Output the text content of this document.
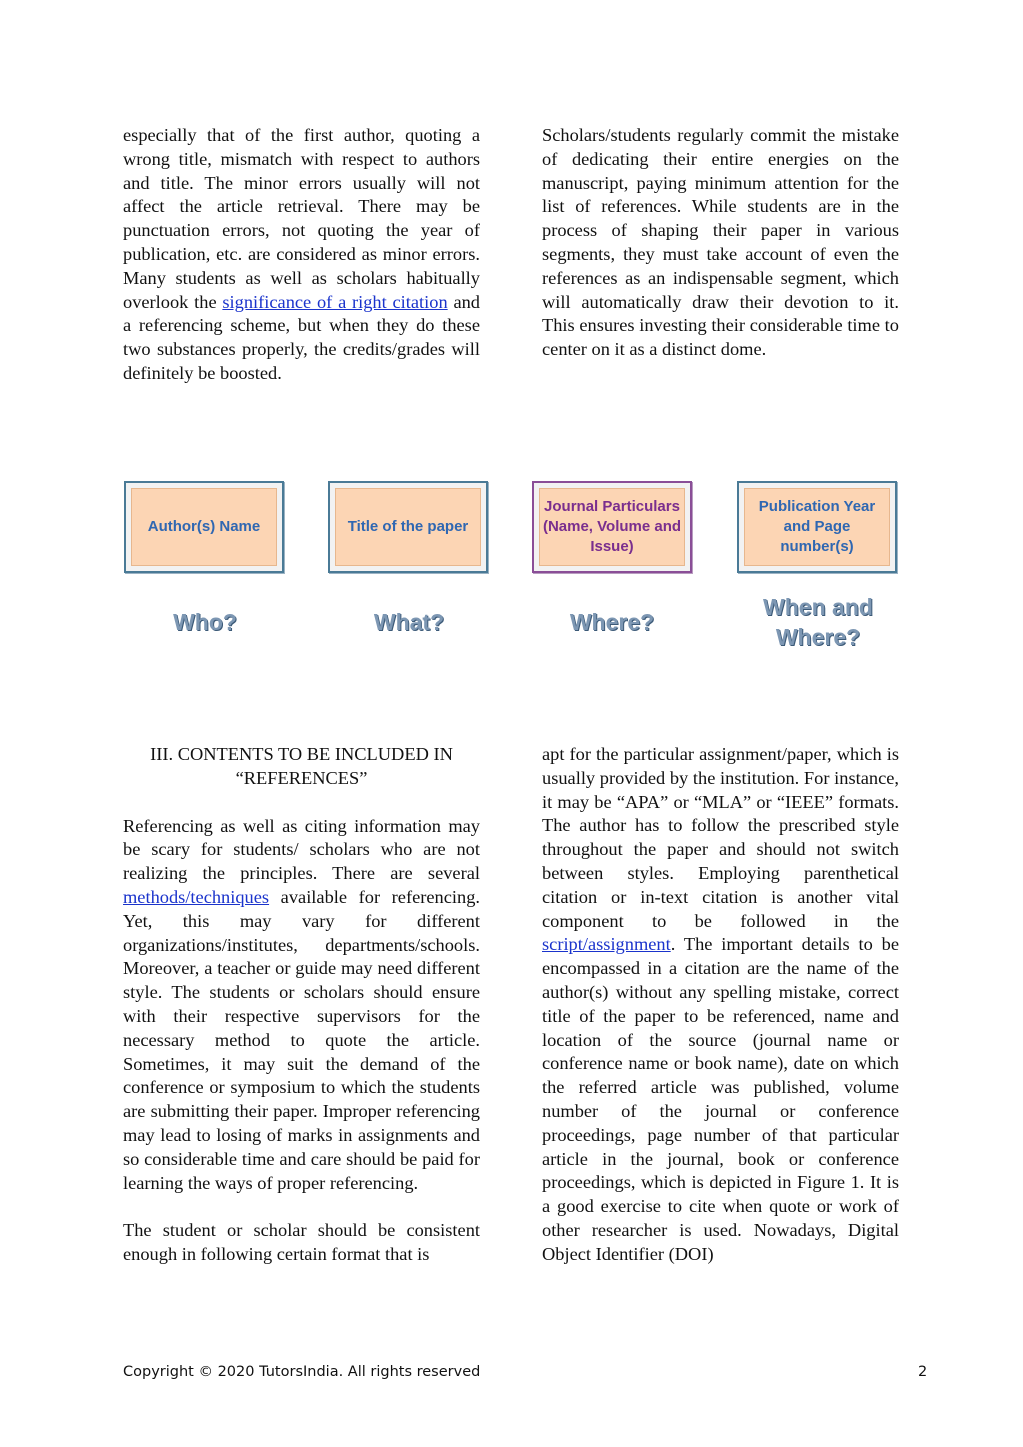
especially that of the first author, quoting a wrong title, mismatch with respect to authors and title. The minor errors usually will not affect the article retrieval. There may be punctuation errors, not quoting the year of publication, etc. are considered as minor errors. Many students as well as scholars habitually overlook the significance of a right citation and a referencing scheme, but when they do these two substances properly, the credits/grades will definitely be boosted.

Scholars/students regularly commit the mistake of dedicating their entire energies on the manuscript, paying minimum attention for the list of references. While students are in the process of shaping their paper in various segments, they must take account of even the references as an indispensable segment, which will automatically draw their devotion to it. This ensures investing their considerable time to center on it as a distinct dome.

Author(s) Name	Title of the paper
Journal Particulars (Name, Volume and Issue)
Publication Year and Page number(s)
Who?	What?	Where?
When and Where?

III. CONTENTS TO BE INCLUDED IN “REFERENCES”

Referencing as well as citing information may be scary for students/ scholars who are not realizing the principles. There are several methods/techniques available for referencing. Yet, this may vary for different organizations/institutes, departments/schools. Moreover, a teacher or guide may need different style. The students or scholars should ensure with their respective supervisors for the necessary method to quote the article. Sometimes, it may suit the demand of the conference or symposium to which the students are submitting their paper. Improper referencing may lead to losing of marks in assignments and so considerable time and care should be paid for learning the ways of proper referencing.

The student or scholar should be consistent enough in following certain format that is

apt for the particular assignment/paper, which is usually provided by the institution. For instance, it may be “APA” or “MLA” or “IEEE” formats. The author has to follow the prescribed style throughout the paper and should not switch between styles. Employing parenthetical citation or in-text citation is another vital component to be followed in the script/assignment. The important details to be encompassed in a citation are the name of the author(s) without any spelling mistake, correct title of the paper to be referenced, name and location of the source (journal name or conference name or book name), date on which the referred article was published, volume number of the journal or conference proceedings, page number of that particular article in the journal, book or conference proceedings, which is depicted in Figure 1. It is a good exercise to cite when quote or work of other researcher is used. Nowadays, Digital Object Identifier (DOI)

Copyright © 2020 TutorsIndia. All rights reserved	2
